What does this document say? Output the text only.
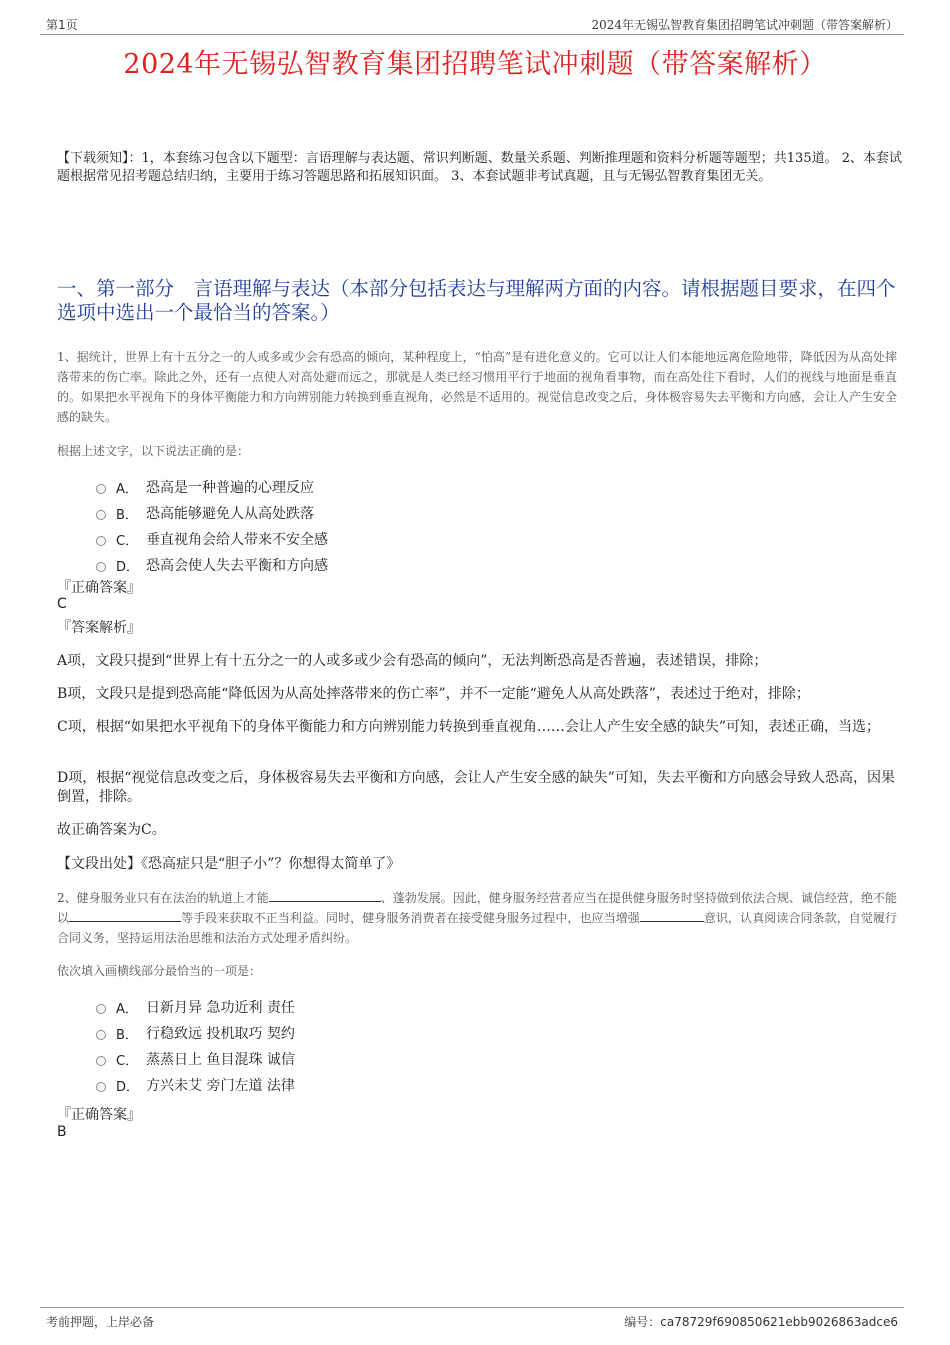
第1页	2024年无锡弘智教育集团招聘笔试冲刺题（带答案解析）
2024年无锡弘智教育集团招聘笔试冲刺题（带答案解析）
【下载须知】：1，本套练习包含以下题型：言语理解与表达题、常识判断题、数量关系题、判断推理题和资料分析题等题型；共135道。 2、本套试题根据常见招考题总结归纳，主要用于练习答题思路和拓展知识面。 3、本套试题非考试真题，且与无锡弘智教育集团无关。
一、第一部分　言语理解与表达（本部分包括表达与理解两方面的内容。请根据题目要求，在四个选项中选出一个最恰当的答案。）
1、据统计，世界上有十五分之一的人或多或少会有恐高的倾向，某种程度上，“怕高”是有进化意义的。它可以让人们本能地远离危险地带，降低因为从高处摔落带来的伤亡率。除此之外，还有一点使人对高处避而远之，那就是人类已经习惯用平行于地面的视角看事物，而在高处往下看时，人们的视线与地面是垂直的。如果把水平视角下的身体平衡能力和方向辨别能力转换到垂直视角，必然是不适用的。视觉信息改变之后，身体极容易失去平衡和方向感，会让人产生安全感的缺失。
根据上述文字，以下说法正确的是：
A． 恐高是一种普遍的心理反应
B． 恐高能够避免人从高处跌落
C． 垂直视角会给人带来不安全感
D． 恐高会使人失去平衡和方向感
『正确答案』
C
『答案解析』
A项，文段只提到“世界上有十五分之一的人或多或少会有恐高的倾向”，无法判断恐高是否普遍，表述错误，排除；
B项，文段只是提到恐高能“降低因为从高处摔落带来的伤亡率”，并不一定能“避免人从高处跌落”，表述过于绝对，排除；
C项，根据“如果把水平视角下的身体平衡能力和方向辨别能力转换到垂直视角……会让人产生安全感的缺失”可知，表述正确，当选；
D项，根据“视觉信息改变之后，身体极容易失去平衡和方向感，会让人产生安全感的缺失”可知，失去平衡和方向感会导致人恐高，因果倒置，排除。
故正确答案为C。
【文段出处】《恐高症只是“胆子小”？你想得太简单了》
2、健身服务业只有在法治的轨道上才能	、蓬勃发展。因此，健身服务经营者应当在提供健身服务时坚持做到依法合规、诚信经营，绝不能以	等手段来获取不正当利益。同时，健身服务消费者在接受健身服务过程中，也应当增强	意识，认真阅读合同条款，自觉履行合同义务，坚持运用法治思维和法治方式处理矛盾纠纷。
依次填入画横线部分最恰当的一项是：
A． 日新月异 急功近利 责任
B． 行稳致远 投机取巧 契约
C． 蒸蒸日上 鱼目混珠 诚信
D． 方兴未艾 旁门左道 法律
『正确答案』
B
考前押题，上岸必备	编号：ca78729f690850621ebb9026863adce6
